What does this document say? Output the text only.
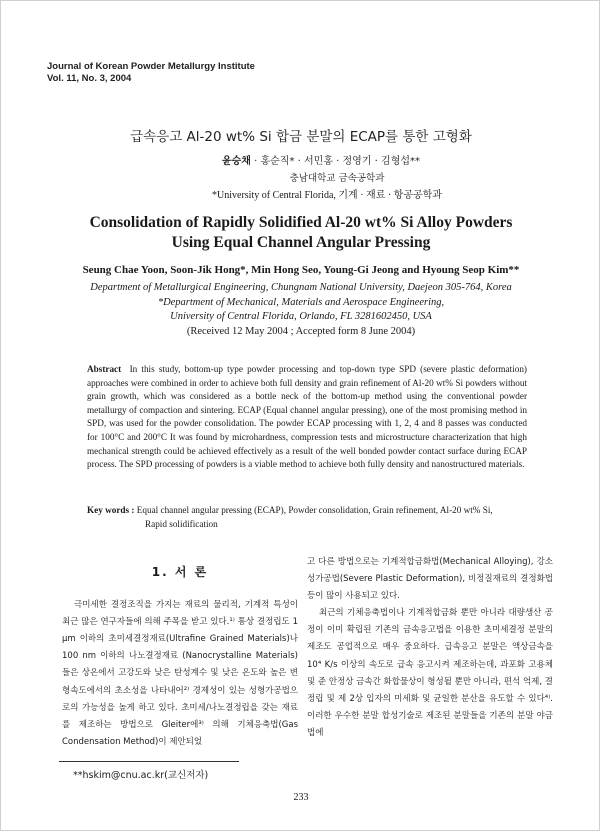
Journal of Korean Powder Metallurgy Institute
Vol. 11, No. 3, 2004
급속응고 Al-20 wt% Si 합금 분말의 ECAP를 통한 고형화
윤승채 · 홍순직* · 서민홍 · 정영기 · 김형섭**
충남대학교 금속공학과
*University of Central Florida, 기계 · 재료 · 항공공학과
Consolidation of Rapidly Solidified Al-20 wt% Si Alloy Powders
Using Equal Channel Angular Pressing
Seung Chae Yoon, Soon-Jik Hong*, Min Hong Seo, Young-Gi Jeong and Hyoung Seop Kim**
Department of Metallurgical Engineering, Chungnam National University, Daejeon 305-764, Korea
*Department of Mechanical, Materials and Aerospace Engineering,
University of Central Florida, Orlando, FL 3281602450, USA
(Received 12 May 2004 ; Accepted form 8 June 2004)
Abstract In this study, bottom-up type powder processing and top-down type SPD (severe plastic deformation) approaches were combined in order to achieve both full density and grain refinement of Al-20 wt% Si powders without grain growth, which was considered as a bottle neck of the bottom-up method using the conventional powder metallurgy of compaction and sintering. ECAP (Equal channel angular pressing), one of the most promising method in SPD, was used for the powder consolidation. The powder ECAP processing with 1, 2, 4 and 8 passes was conducted for 100°C and 200°C It was found by microhardness, compression tests and microstructure characterization that high mechanical strength could be achieved effectively as a result of the well bonded powder contact surface during ECAP process. The SPD processing of powders is a viable method to achieve both fully density and nanostructured materials.
Key words : Equal channel angular pressing (ECAP), Powder consolidation, Grain refinement, Al-20 wt% Si,
Rapid solidification
1. 서 론

극미세한 결정조직을 가지는 재료의 물리적, 기계적 특성이 최근 많은 연구자들에 의해 주목을 받고 있다.¹⁾ 통상 결정립도 1 μm 이하의 초미세결정재료(Ultrafine Grained Materials)나 100 nm 이하의 나노결정재료 (Nanocrystalline Materials)들은 상온에서 고강도와 낮은 탄성계수 및 낮은 온도와 높은 변형속도에서의 초소성을 나타내어²⁾ 경제성이 있는 성형가공법으로의 가능성을 높게 하고 있다. 초미세/나노결정립을 갖는 재료를 제조하는 방법으로 Gleiter에³⁾ 의해 기체응축법(Gas Condensation Method)이 제안되었

고 다른 방법으로는 기계적합금화법(Mechanical Alloying), 강소성가공법(Severe Plastic Deformation), 비정질재료의 결정화법 등이 많이 사용되고 있다.

최근의 기체응축법이나 기계적합금화 뿐만 아니라 대량생산 공정이 이미 확립된 기존의 금속응고법을 이용한 초미세결정 분말의 제조도 공업적으로 매우 중요하다. 급속응고 분말은 액상금속을 10⁴ K/s 이상의 속도로 급속 응고시켜 제조하는데, 과포화 고용체 및 준 안정상 금속간 화합물상이 형성될 뿐만 아니라, 편석 억제, 결정립 및 제 2상 입자의 미세화 및 균일한 분산을 유도할 수 있다⁴⁾. 이러한 우수한 분말 합성기술로 제조된 분말들을 기존의 분말 야금법에

**hskim@cnu.ac.kr(교신저자)
233
